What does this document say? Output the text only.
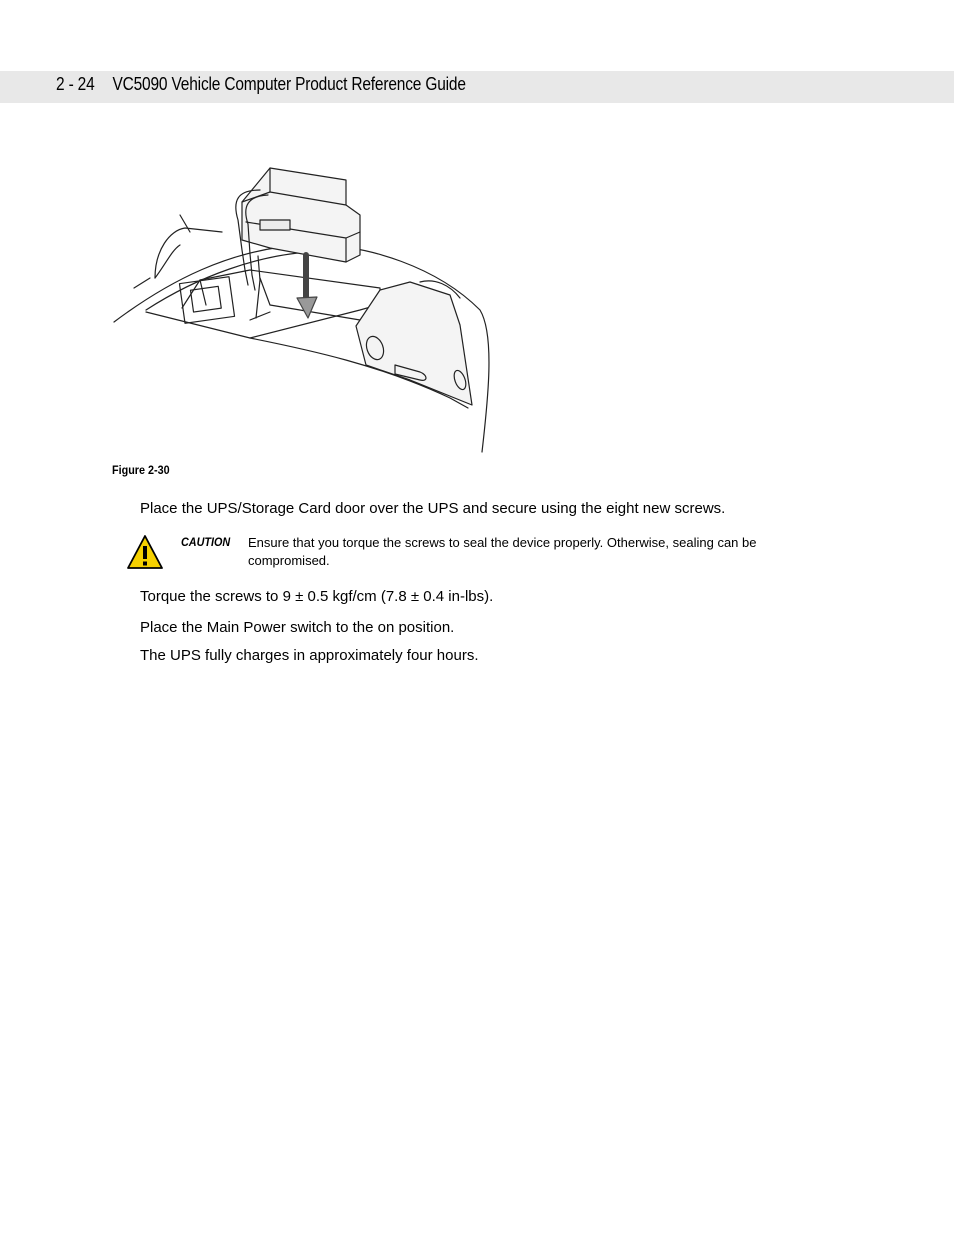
2 - 24 VC5090 Vehicle Computer Product Reference Guide
Figure 2-30
Place the UPS/Storage Card door over the UPS and secure using the eight new screws.
CAUTION Ensure that you torque the screws to seal the device properly. Otherwise, sealing can be compromised.
Torque the screws to 9 ± 0.5 kgf/cm (7.8 ± 0.4 in-lbs).
Place the Main Power switch to the on position.
The UPS fully charges in approximately four hours.
